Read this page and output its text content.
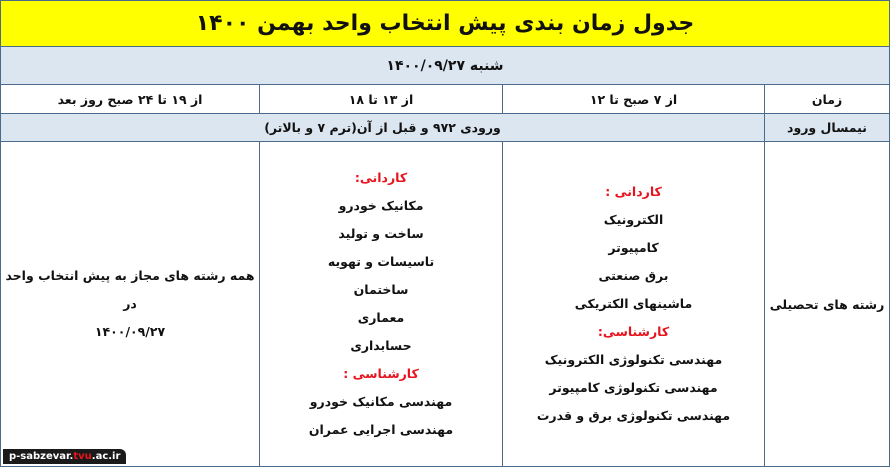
جدول زمان بندی پیش انتخاب واحد بهمن ۱۴۰۰
شنبه ۱۴۰۰/۰۹/۲۷
زمان
از ۷ صبح تا ۱۲
از ۱۳ تا ۱۸
از ۱۹ تا ۲۴ صبح روز بعد
نیمسال ورود
ورودی ۹۷۲ و قبل از آن(ترم ۷ و بالاتر)
رشته های تحصیلی
کاردانی :
الکترونیک
کامپیوتر
برق صنعتی
ماشینهای الکتریکی
کارشناسی:
مهندسی تکنولوژی الکترونیک
مهندسی تکنولوژی کامپیوتر
مهندسی تکنولوژی برق و قدرت
کاردانی:
مکانیک خودرو
ساخت و تولید
تاسیسات و تهویه
ساختمان
معماری
حسابداری
کارشناسی :
مهندسی مکانیک خودرو
مهندسی اجرایی عمران
همه رشته های مجاز به پیش انتخاب واحد
در
۱۴۰۰/۰۹/۲۷
p-sabzevar.tvu.ac.ir
